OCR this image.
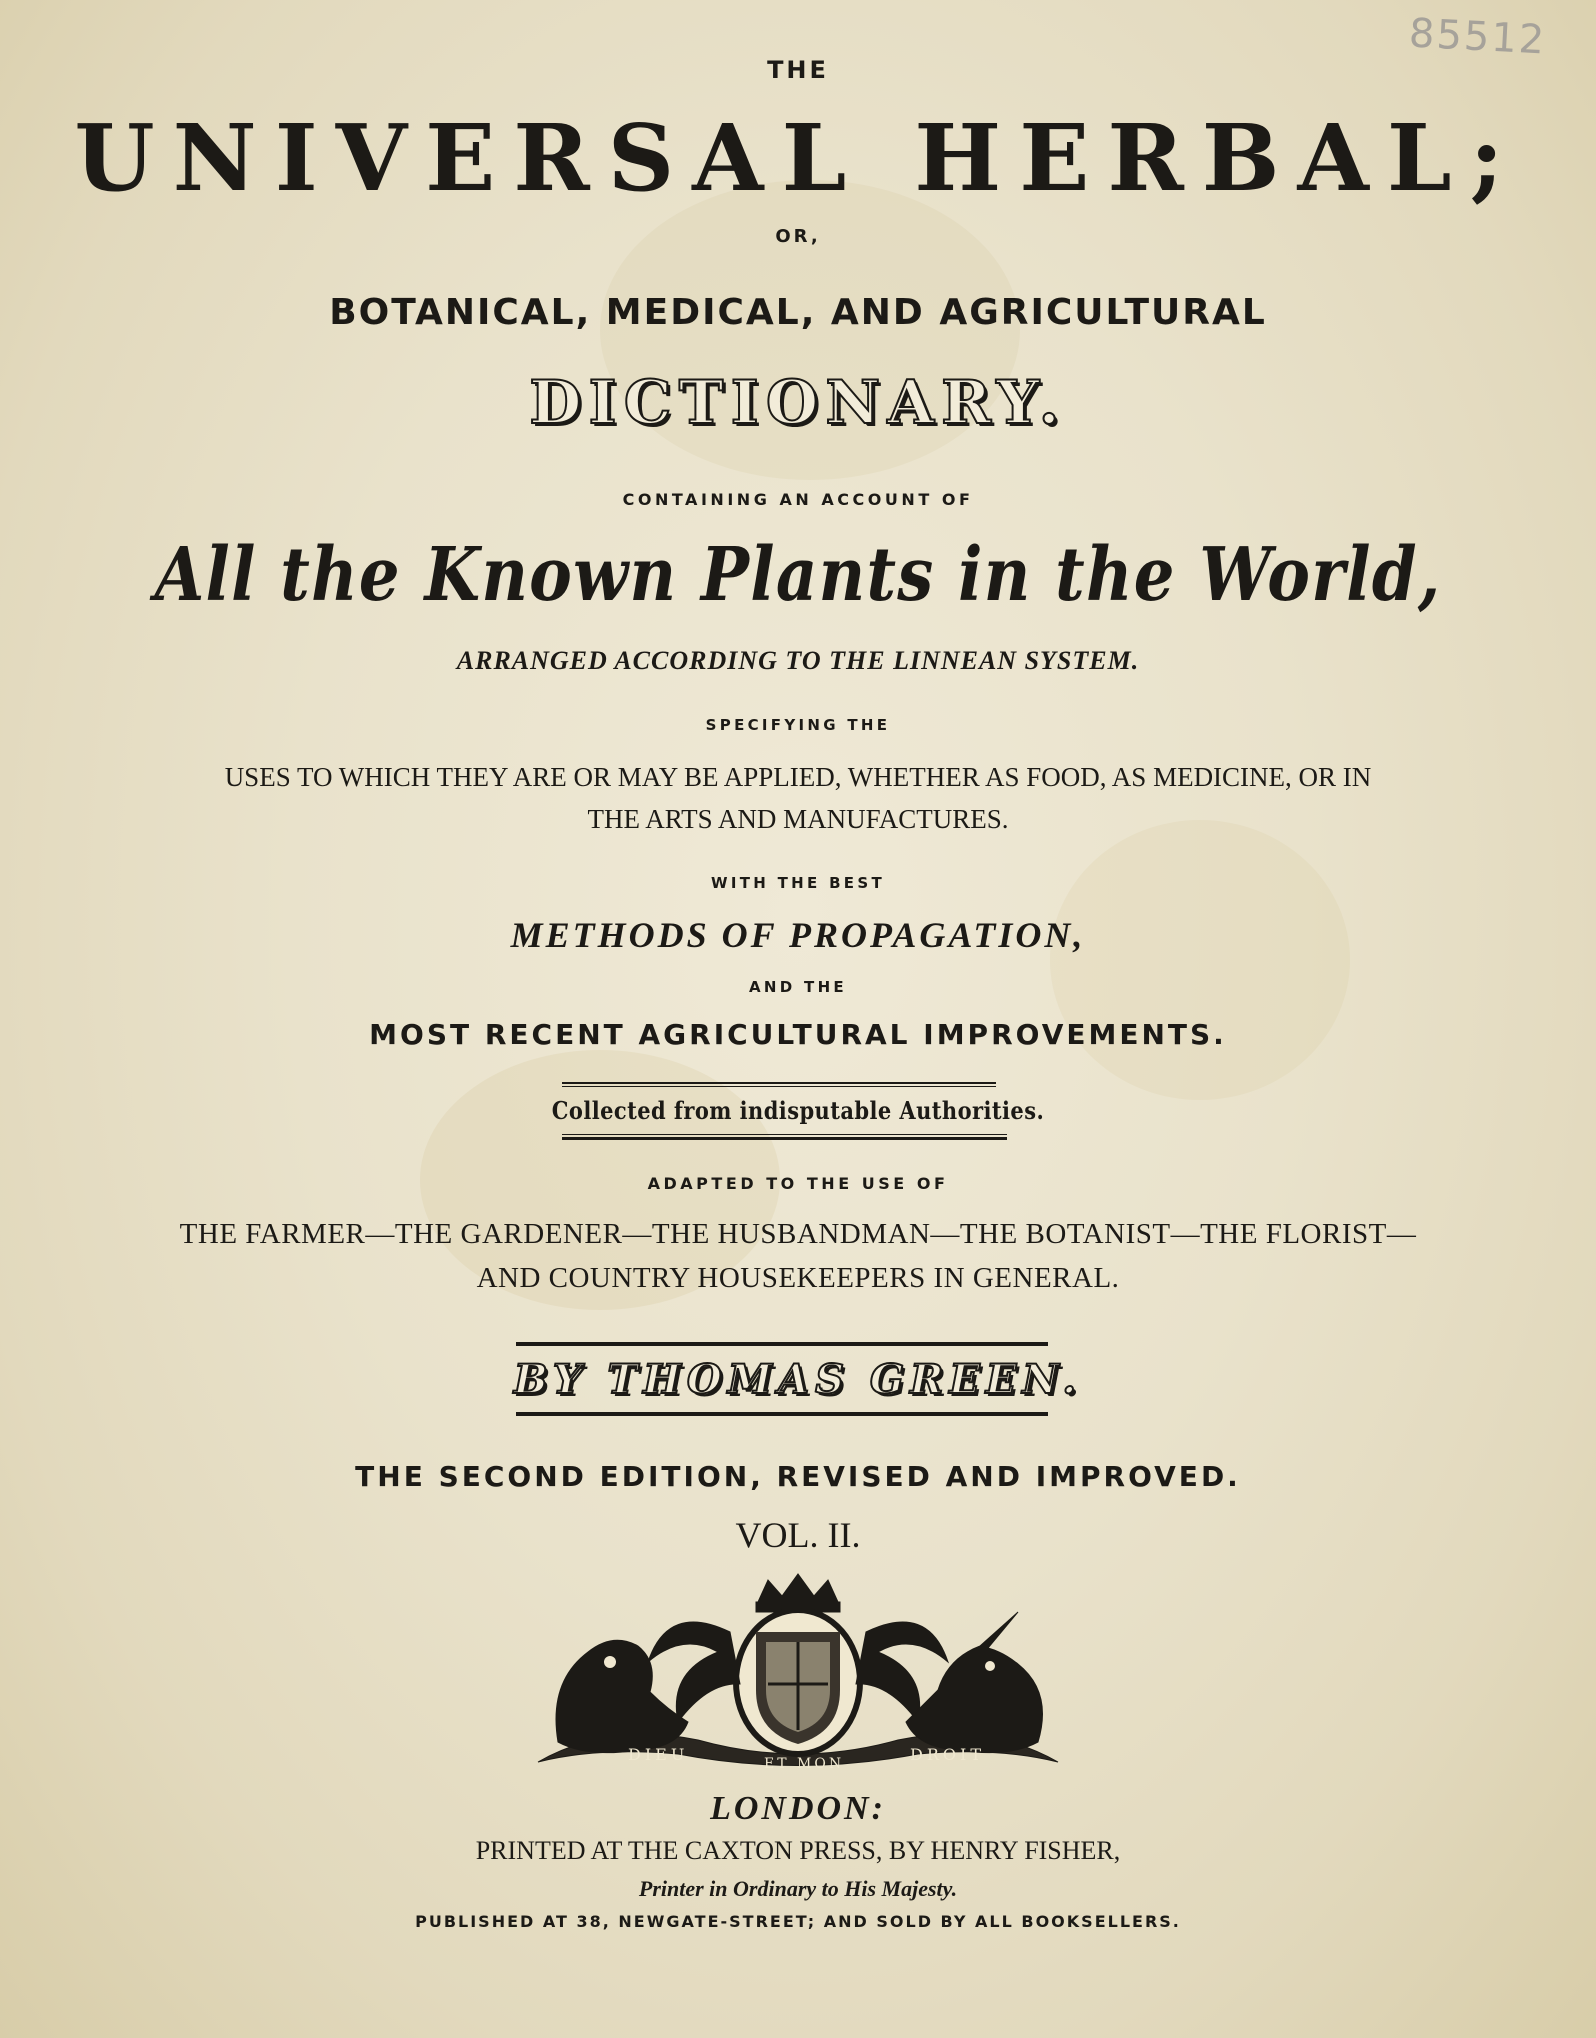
85512
THE
UNIVERSAL HERBAL;
OR,
BOTANICAL, MEDICAL, AND AGRICULTURAL
DICTIONARY.
CONTAINING AN ACCOUNT OF
All the Known Plants in the World,
ARRANGED ACCORDING TO THE LINNEAN SYSTEM.
SPECIFYING THE
USES TO WHICH THEY ARE OR MAY BE APPLIED, WHETHER AS FOOD, AS MEDICINE, OR IN
THE ARTS AND MANUFACTURES.
WITH THE BEST
METHODS OF PROPAGATION,
AND THE
MOST RECENT AGRICULTURAL IMPROVEMENTS.
Collected from indisputable Authorities.
ADAPTED TO THE USE OF
THE FARMER—THE GARDENER—THE HUSBANDMAN—THE BOTANIST—THE FLORIST—
AND COUNTRY HOUSEKEEPERS IN GENERAL.
BY THOMAS GREEN.
THE SECOND EDITION, REVISED AND IMPROVED.
VOL. II.
DIEU	ET MON	DROIT
LONDON:
PRINTED AT THE CAXTON PRESS, BY HENRY FISHER,
Printer in Ordinary to His Majesty.
PUBLISHED AT 38, NEWGATE-STREET; AND SOLD BY ALL BOOKSELLERS.
